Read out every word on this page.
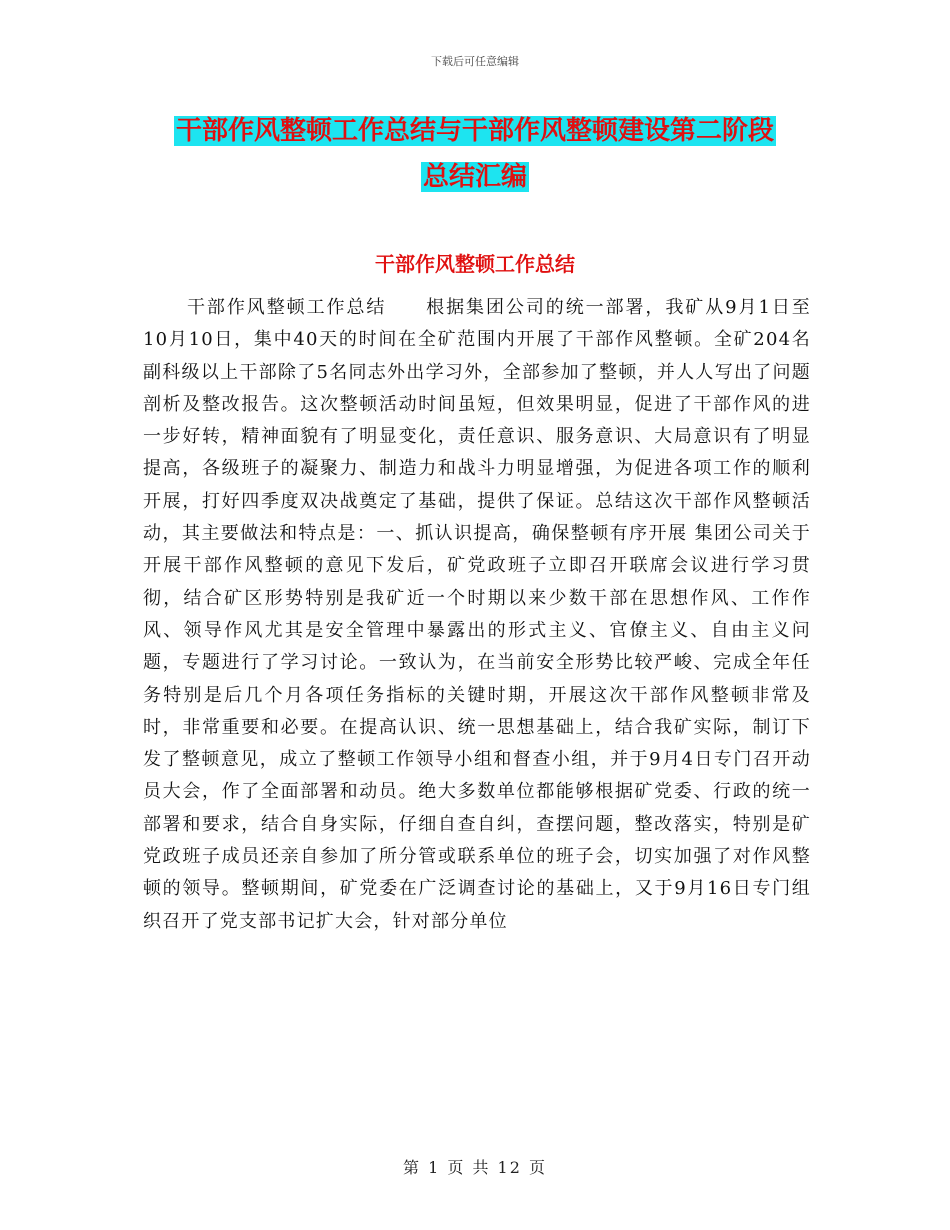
下载后可任意编辑
干部作风整顿工作总结与干部作风整顿建设第二阶段
总结汇编
干部作风整顿工作总结

干部作风整顿工作总结　　根据集团公司的统一部署，我矿从9月1日至10月10日，集中40天的时间在全矿范围内开展了干部作风整顿。全矿204名副科级以上干部除了5名同志外出学习外，全部参加了整顿，并人人写出了问题剖析及整改报告。这次整顿活动时间虽短，但效果明显，促进了干部作风的进一步好转，精神面貌有了明显变化，责任意识、服务意识、大局意识有了明显提高，各级班子的凝聚力、制造力和战斗力明显增强，为促进各项工作的顺利开展，打好四季度双决战奠定了基础，提供了保证。总结这次干部作风整顿活动，其主要做法和特点是：一、抓认识提高，确保整顿有序开展 集团公司关于开展干部作风整顿的意见下发后，矿党政班子立即召开联席会议进行学习贯彻，结合矿区形势特别是我矿近一个时期以来少数干部在思想作风、工作作风、领导作风尤其是安全管理中暴露出的形式主义、官僚主义、自由主义问题，专题进行了学习讨论。一致认为，在当前安全形势比较严峻、完成全年任务特别是后几个月各项任务指标的关键时期，开展这次干部作风整顿非常及时，非常重要和必要。在提高认识、统一思想基础上，结合我矿实际，制订下发了整顿意见，成立了整顿工作领导小组和督查小组，并于9月4日专门召开动员大会，作了全面部署和动员。绝大多数单位都能够根据矿党委、行政的统一部署和要求，结合自身实际，仔细自查自纠，查摆问题，整改落实，特别是矿党政班子成员还亲自参加了所分管或联系单位的班子会，切实加强了对作风整顿的领导。整顿期间，矿党委在广泛调查讨论的基础上，又于9月16日专门组织召开了党支部书记扩大会，针对部分单位

第 1 页 共 12 页
